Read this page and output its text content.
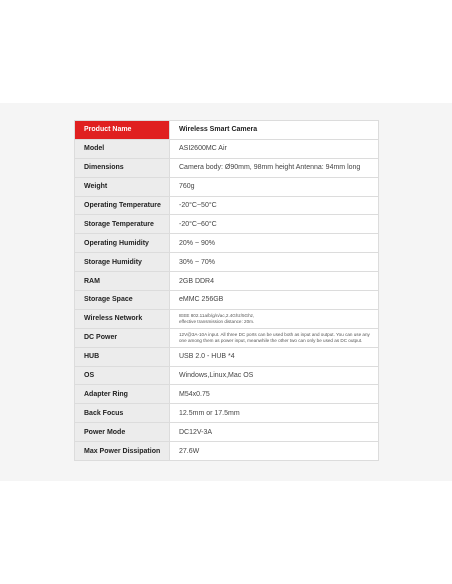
Product Name	Wireless Smart Camera
Model	ASI2600MC Air
Dimensions	Camera body: Ø90mm, 98mm height Antenna: 94mm long
Weight	760g
Operating Temperature	-20°C~50°C
Storage Temperature	-20°C~60°C
Operating Humidity	20% ~ 90%
Storage Humidity	30% ~ 70%
RAM	2GB DDR4
Storage Space	eMMC 256GB
Wireless Network	IEEE 802.11a/b/g/n/ac,2.4Ghz/5Ghz,
effective transmission distance: 20m.

DC Power	12V@3A-10A input. All three DC ports can be used both as input and output. You can use any one among them as power input, meanwhile the other two can only be used as DC output.
HUB	USB 2.0 - HUB *4
OS	Windows,Linux,Mac OS
Adapter Ring	M54x0.75
Back Focus	12.5mm or 17.5mm
Power Mode	DC12V-3A
Max Power Dissipation	27.6W
